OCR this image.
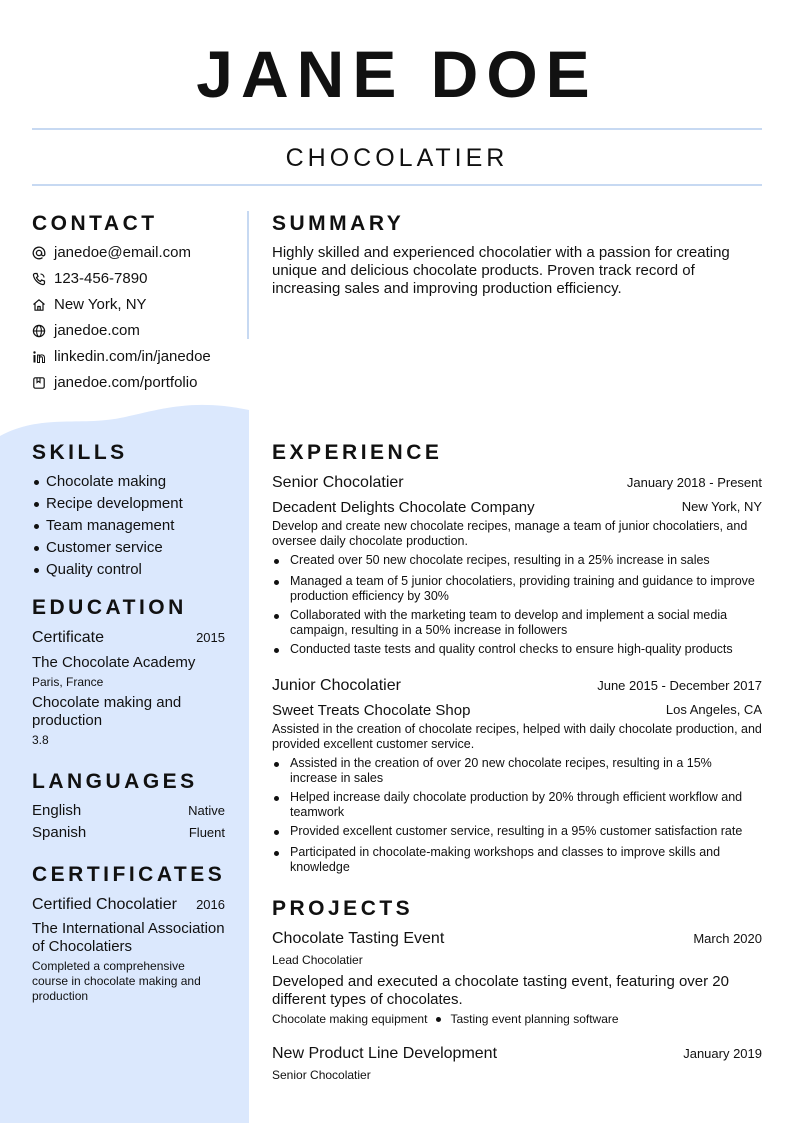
JANE DOE
CHOCOLATIER
CONTACT
janedoe@email.com
123-456-7890
New York, NY
janedoe.com
linkedin.com/in/janedoe
janedoe.com/portfolio
SUMMARY
Highly skilled and experienced chocolatier with a passion for creating unique and delicious chocolate products. Proven track record of increasing sales and improving production efficiency.
SKILLS
Chocolate making
Recipe development
Team management
Customer service
Quality control
EDUCATION
Certificate	2015
The Chocolate Academy
Paris, France
Chocolate making and production
3.8
LANGUAGES
English	Native
Spanish	Fluent
CERTIFICATES
Certified Chocolatier	2016
The International Association of Chocolatiers
Completed a comprehensive course in chocolate making and production
EXPERIENCE
Senior Chocolatier	January 2018 - Present
Decadent Delights Chocolate Company	New York, NY
Develop and create new chocolate recipes, manage a team of junior chocolatiers, and oversee daily chocolate production.
Created over 50 new chocolate recipes, resulting in a 25% increase in sales
Managed a team of 5 junior chocolatiers, providing training and guidance to improve production efficiency by 30%
Collaborated with the marketing team to develop and implement a social media campaign, resulting in a 50% increase in followers
Conducted taste tests and quality control checks to ensure high-quality products
Junior Chocolatier	June 2015 - December 2017
Sweet Treats Chocolate Shop	Los Angeles, CA
Assisted in the creation of chocolate recipes, helped with daily chocolate production, and provided excellent customer service.
Assisted in the creation of over 20 new chocolate recipes, resulting in a 15% increase in sales
Helped increase daily chocolate production by 20% through efficient workflow and teamwork
Provided excellent customer service, resulting in a 95% customer satisfaction rate
Participated in chocolate-making workshops and classes to improve skills and knowledge
PROJECTS
Chocolate Tasting Event	March 2020
Lead Chocolatier
Developed and executed a chocolate tasting event, featuring over 20 different types of chocolates.
Chocolate making equipment Tasting event planning software
New Product Line Development	January 2019
Senior Chocolatier
